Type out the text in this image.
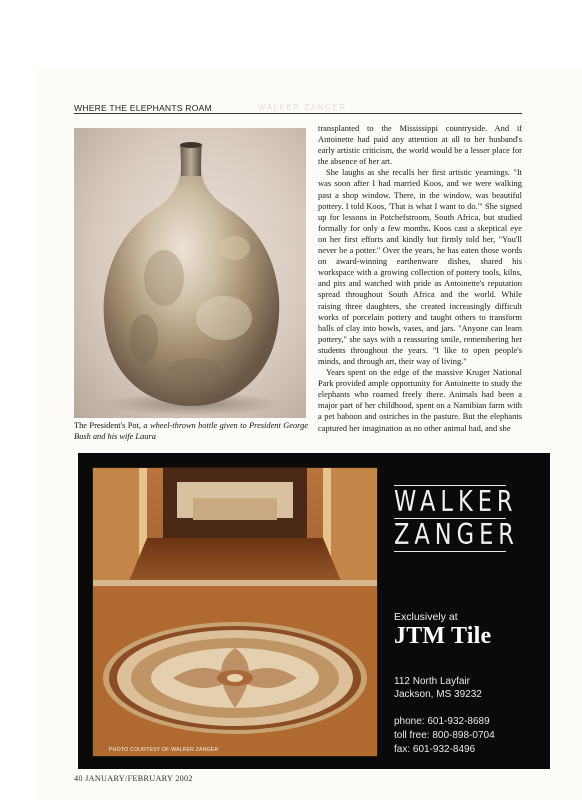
WHERE THE ELEPHANTS ROAM	WALKER ZANGER
The President's Pot, a wheel-thrown bottle given to President George Bush and his wife Laura

transplanted to the Mississippi countryside. And if Antoinette had paid any attention at all to her husband's early artistic criticism, the world would be a lesser place for the absence of her art.

She laughs as she recalls her first artistic yearnings. "It was soon after I had married Koos, and we were walking past a shop window. There, in the window, was beautiful pottery. I told Koos, 'That is what I want to do.'" She signed up for lessons in Potchefstroom, South Africa, but studied formally for only a few months. Koos cast a skeptical eye on her first efforts and kindly but firmly told her, "You'll never be a potter." Over the years, he has eaten those words on award-winning earthenware dishes, shared his workspace with a growing collection of pottery tools, kilns, and pits and watched with pride as Antoinette's reputation spread throughout South Africa and the world. While raising three daughters, she created increasingly difficult works of porcelain pottery and taught others to transform balls of clay into bowls, vases, and jars. "Anyone can learn pottery," she says with a reassuring smile, remembering her students throughout the years. "I like to open people's minds, and through art, their way of living."

Years spent on the edge of the massive Kruger National Park provided ample opportunity for Antoinette to study the elephants who roamed freely there. Animals had been a major part of her childhood, spent on a Namibian farm with a pet baboon and ostriches in the pasture. But the elephants captured her imagination as no other animal had, and she

PHOTO COURTESY OF WALKER ZANGER
WALKER
ZANGER
Exclusively at
JTM Tile
112 North Layfair
Jackson, MS 39232
phone: 601-932-8689
toll free: 800-898-0704
fax: 601-932-8496
40 JANUARY/FEBRUARY 2002
